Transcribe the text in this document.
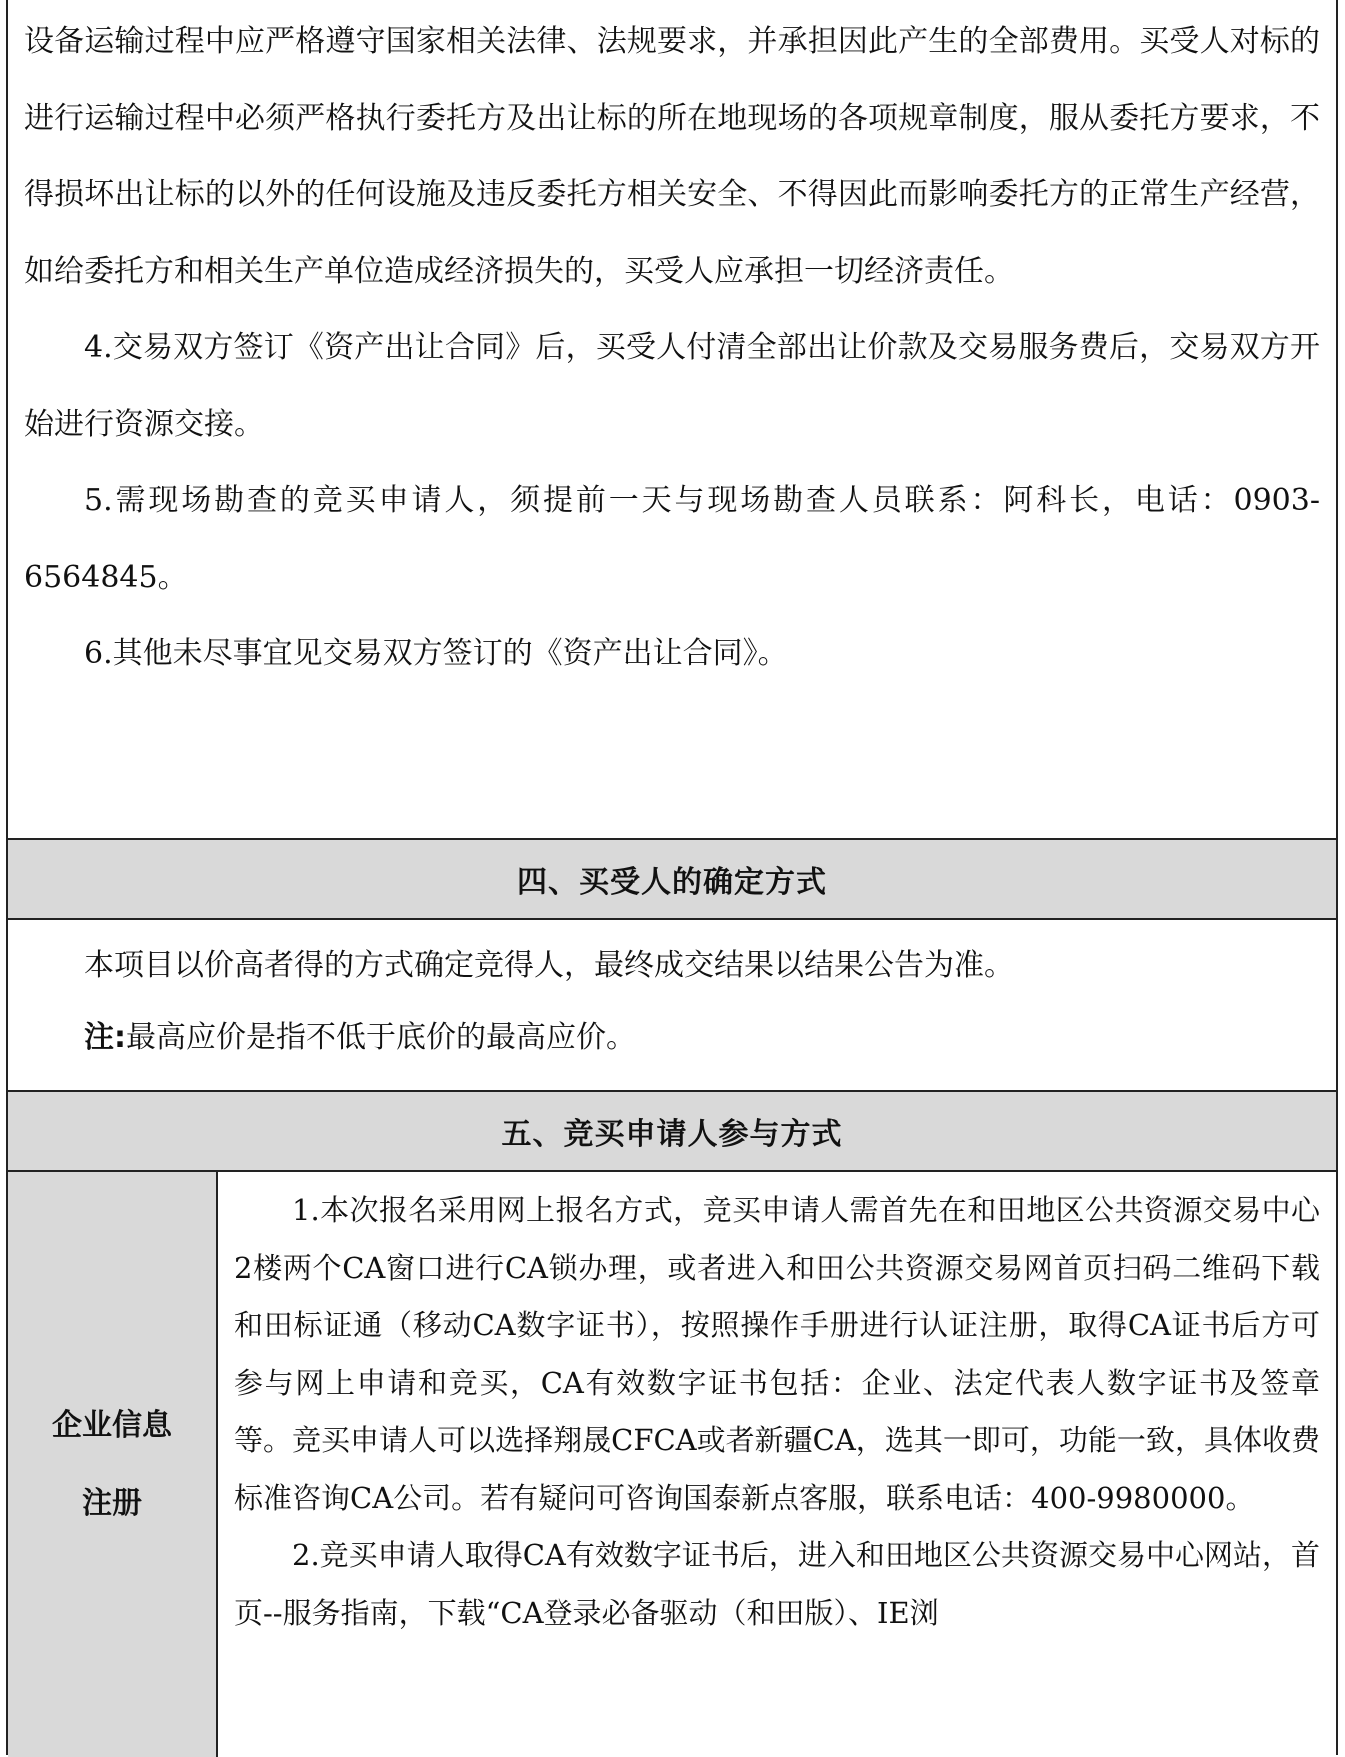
设备运输过程中应严格遵守国家相关法律、法规要求，并承担因此产生的全部费用。买受人对标的进行运输过程中必须严格执行委托方及出让标的所在地现场的各项规章制度，服从委托方要求，不得损坏出让标的以外的任何设施及违反委托方相关安全、不得因此而影响委托方的正常生产经营，如给委托方和相关生产单位造成经济损失的，买受人应承担一切经济责任。

4.交易双方签订《资产出让合同》后，买受人付清全部出让价款及交易服务费后，交易双方开始进行资源交接。

5.需现场勘查的竞买申请人，须提前一天与现场勘查人员联系：阿科长，电话：0903-6564845。

6.其他未尽事宜见交易双方签订的《资产出让合同》。

四、买受人的确定方式

本项目以价高者得的方式确定竞得人，最终成交结果以结果公告为准。

注:最高应价是指不低于底价的最高应价。

五、竞买申请人参与方式
企业信息注册

1.本次报名采用网上报名方式，竞买申请人需首先在和田地区公共资源交易中心2楼两个CA窗口进行CA锁办理，或者进入和田公共资源交易网首页扫码二维码下载和田标证通（移动CA数字证书），按照操作手册进行认证注册，取得CA证书后方可参与网上申请和竞买，CA有效数字证书包括：企业、法定代表人数字证书及签章等。竞买申请人可以选择翔晟CFCA或者新疆CA，选其一即可，功能一致，具体收费标准咨询CA公司。若有疑问可咨询国泰新点客服，联系电话：400-9980000。

2.竞买申请人取得CA有效数字证书后，进入和田地区公共资源交易中心网站，首页--服务指南，下载“CA登录必备驱动（和田版）、IE浏
